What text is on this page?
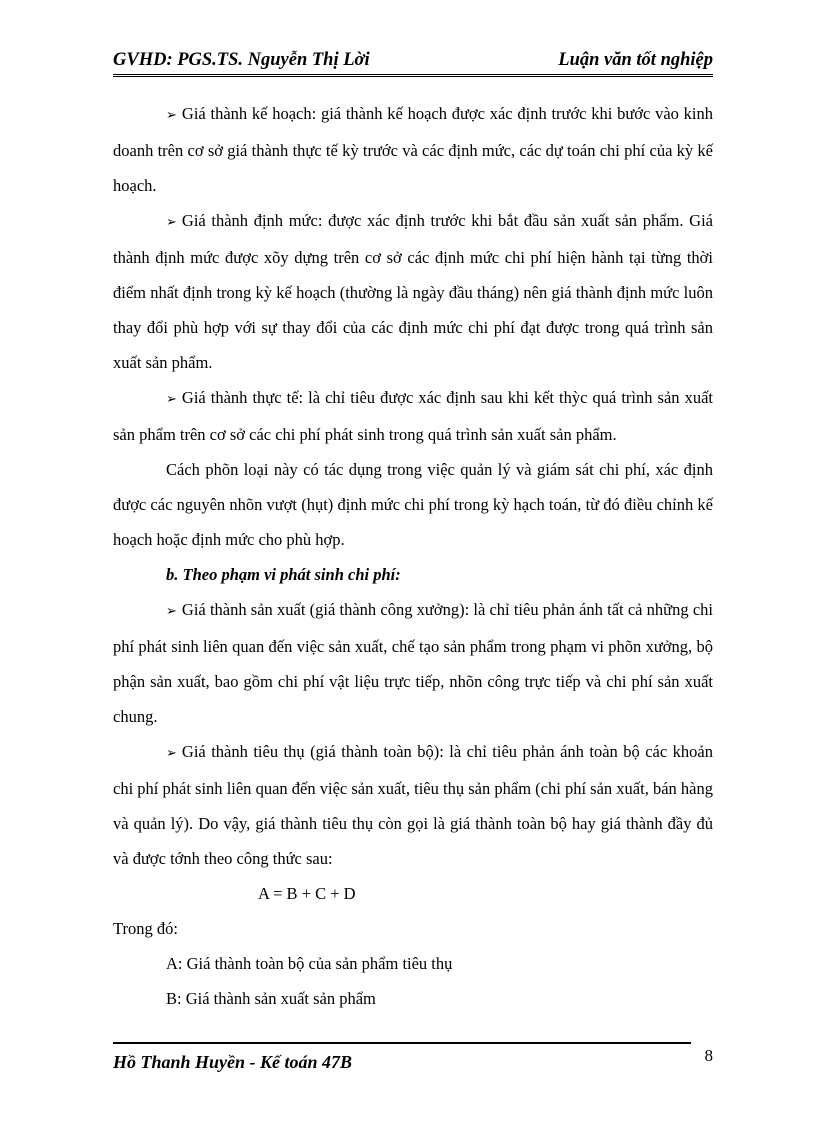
GVHD: PGS.TS. Nguyễn Thị Lời	Luận văn tốt nghiệp

➢ Giá thành kế hoạch: giá thành kế hoạch được xác định trước khi bước vào kinh doanh trên cơ sở giá thành thực tế kỳ trước và các định mức, các dự toán chi phí của kỳ kế hoạch.

➢ Giá thành định mức: được xác định trước khi bắt đầu sản xuất sản phẩm. Giá thành định mức được xõy dựng trên cơ sở các định mức chi phí hiện hành tại từng thời điểm nhất định trong kỳ kế hoạch (thường là ngày đầu tháng) nên giá thành định mức luôn thay đổi phù hợp với sự thay đổi của các định mức chi phí đạt được trong quá trình sản xuất sản phẩm.

➢ Giá thành thực tế: là chỉ tiêu được xác định sau khi kết thỳc quá trình sản xuất sản phẩm trên cơ sở các chi phí phát sinh trong quá trình sản xuất sản phẩm.

Cách phõn loại này có tác dụng trong việc quản lý và giám sát chi phí, xác định được các nguyên nhõn vượt (hụt) định mức chi phí trong kỳ hạch toán, từ đó điều chỉnh kế hoạch hoặc định mức cho phù hợp.

b. Theo phạm vi phát sinh chi phí:

➢ Giá thành sản xuất (giá thành công xưởng): là chỉ tiêu phản ánh tất cả những chi phí phát sinh liên quan đến việc sản xuất, chế tạo sản phẩm trong phạm vi phõn xưởng, bộ phận sản xuất, bao gồm chi phí vật liệu trực tiếp, nhõn công trực tiếp và chi phí sản xuất chung.

➢ Giá thành tiêu thụ (giá thành toàn bộ): là chỉ tiêu phản ánh toàn bộ các khoản chi phí phát sinh liên quan đến việc sản xuất, tiêu thụ sản phẩm (chi phí sản xuất, bán hàng và quản lý). Do vậy, giá thành tiêu thụ còn gọi là giá thành toàn bộ hay giá thành đầy đủ và được tớnh theo công thức sau:

A = B + C + D

Trong đó:

A: Giá thành toàn bộ của sản phẩm tiêu thụ

B: Giá thành sản xuất sản phẩm

Hồ Thanh Huyền - Kế toán 47B	8
